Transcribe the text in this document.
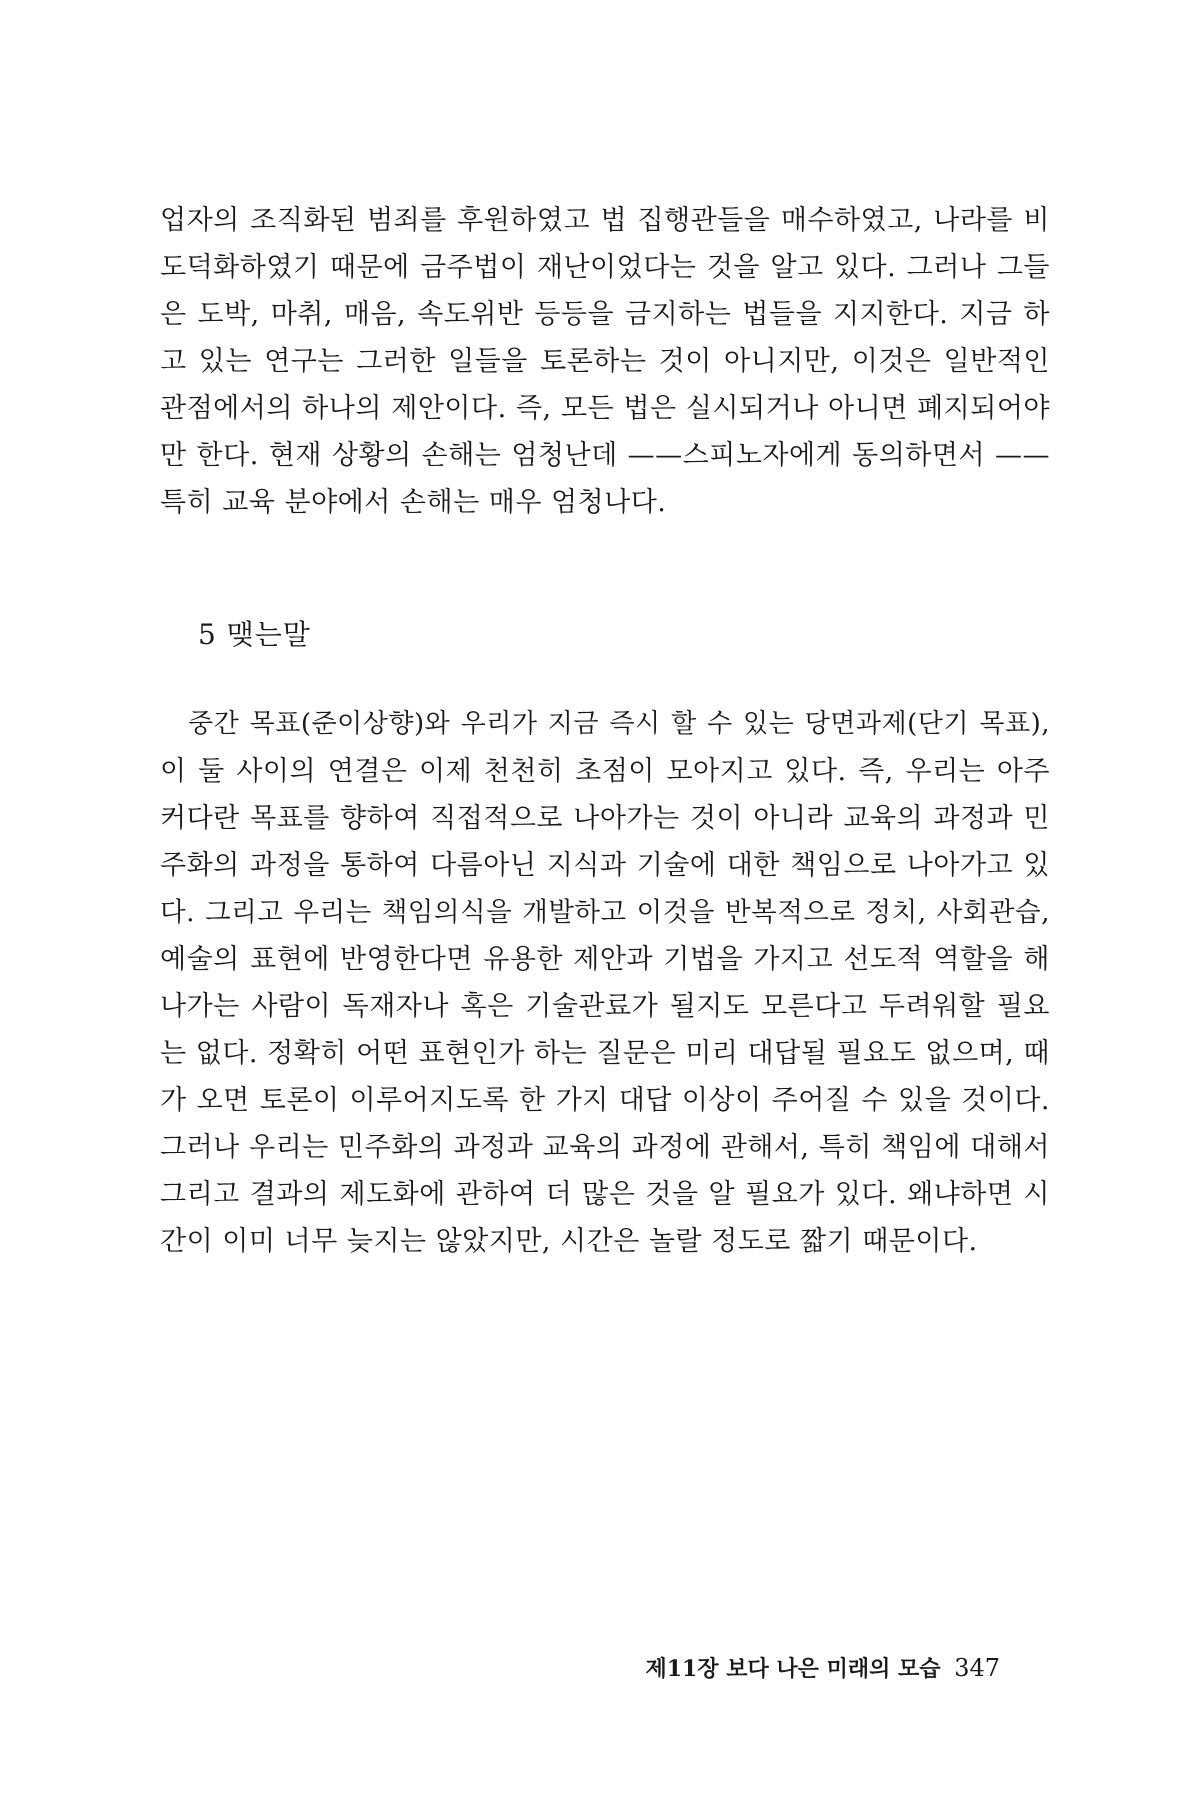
업자의 조직화된 범죄를 후원하였고 법 집행관들을 매수하였고, 나라를 비
도덕화하였기 때문에 금주법이 재난이었다는 것을 알고 있다. 그러나 그들
은 도박, 마취, 매음, 속도위반 등등을 금지하는 법들을 지지한다. 지금 하
고 있는 연구는 그러한 일들을 토론하는 것이 아니지만, 이것은 일반적인
관점에서의 하나의 제안이다. 즉, 모든 법은 실시되거나 아니면 폐지되어야
만 한다. 현재 상황의 손해는 엄청난데 ——스피노자에게 동의하면서 ——
특히 교육 분야에서 손해는 매우 엄청나다.
5 맺는말
중간 목표(준이상향)와 우리가 지금 즉시 할 수 있는 당면과제(단기 목표),
이 둘 사이의 연결은 이제 천천히 초점이 모아지고 있다. 즉, 우리는 아주
커다란 목표를 향하여 직접적으로 나아가는 것이 아니라 교육의 과정과 민
주화의 과정을 통하여 다름아닌 지식과 기술에 대한 책임으로 나아가고 있
다. 그리고 우리는 책임의식을 개발하고 이것을 반복적으로 정치, 사회관습,
예술의 표현에 반영한다면 유용한 제안과 기법을 가지고 선도적 역할을 해
나가는 사람이 독재자나 혹은 기술관료가 될지도 모른다고 두려워할 필요
는 없다. 정확히 어떤 표현인가 하는 질문은 미리 대답될 필요도 없으며, 때
가 오면 토론이 이루어지도록 한 가지 대답 이상이 주어질 수 있을 것이다.
그러나 우리는 민주화의 과정과 교육의 과정에 관해서, 특히 책임에 대해서
그리고 결과의 제도화에 관하여 더 많은 것을 알 필요가 있다. 왜냐하면 시
간이 이미 너무 늦지는 않았지만, 시간은 놀랄 정도로 짧기 때문이다.
제11장 보다 나은 미래의 모습 347
